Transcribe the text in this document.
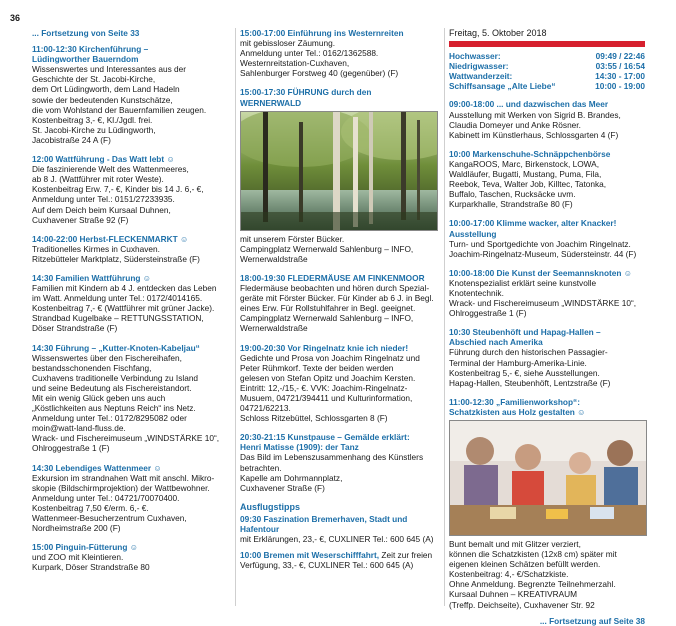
36
... Fortsetzung von Seite 33
11:00-12:30 Kirchenführung –
Lüdingworther Bauerndom
Wissenswertes und Interessantes aus der
Geschichte der St. Jacobi-Kirche,
dem Ort Lüdingworth, dem Land Hadeln
sowie der bedeutenden Kunstschätze,
die vom Wohlstand der Bauernfamilien zeugen.
Kostenbeitrag 3,- €, Kl./Jgdl. frei.
St. Jacobi-Kirche zu Lüdingworth,
Jacobistraße 24 A (F)
12:00 Wattführung - Das Watt lebt ☺
Die faszinierende Welt des Wattenmeeres,
ab 8 J. (Wattführer mit roter Weste).
Kostenbeitrag Erw. 7,- €, Kinder bis 14 J. 6,- €,
Anmeldung unter Tel.: 0151/27233935.
Auf dem Deich beim Kursaal Duhnen,
Cuxhavener Straße 92 (F)
14:00-22:00 Herbst-FLECKENMARKT ☺
Traditionelles Kirmes in Cuxhaven.
Ritzebütteler Marktplatz, Südersteinstraße (F)
14:30 Familien Wattführung ☺
Familien mit Kindern ab 4 J. entdecken das Leben
im Watt. Anmeldung unter Tel.: 0172/4014165.
Kostenbeitrag 7,- € (Wattführer mit grüner Jacke).
Strandbad Kugelbake – RETTUNGSSTATION,
Döser Strandstraße (F)
14:30 Führung – „Kutter-Knoten-Kabeljau“
Wissenswertes über den Fischereihafen,
bestandsschonenden Fischfang,
Cuxhavens traditionelle Verbindung zu Island
und seine Bedeutung als Fischereistandort.
Mit ein wenig Glück geben uns auch
„Köstlichkeiten aus Neptuns Reich“ ins Netz.
Anmeldung unter Tel.: 0172/8295082 oder
moin@watt-land-fluss.de.
Wrack- und Fischereimuseum „WINDSTÄRKE 10“,
Ohlroggestraße 1 (F)
14:30 Lebendiges Wattenmeer ☺
Exkursion im strandnahen Watt mit anschl. Mikro-
skopie (Bildschirmprojektion) der Wattbewohner.
Anmeldung unter Tel.: 04721/70070400.
Kostenbeitrag 7,50 €/erm. 6,- €.
Wattenmeer-Besucherzentrum Cuxhaven,
Nordheimstraße 200 (F)
15:00 Pinguin-Fütterung ☺
und ZOO mit Kleintieren.
Kurpark, Döser Strandstraße 80
15:00-17:00 Einführung ins Westernreiten
mit gebissloser Zäumung.
Anmeldung unter Tel.: 0162/1362588.
Westernreitstation-Cuxhaven,
Sahlenburger Forstweg 40 (gegenüber) (F)
15:00-17:30 FÜHRUNG durch den
WERNERWALD
mit unserem Förster Bücker.
Campingplatz Wernerwald Sahlenburg – INFO,
Wernerwaldstraße
18:00-19:30 FLEDERMÄUSE AM FINKENMOOR
Fledermäuse beobachten und hören durch Spezial-
geräte mit Förster Bücker. Für Kinder ab 6 J. in Begl.
eines Erw. Für Rollstuhlfahrer in Begl. geeignet.
Campingplatz Wernerwald Sahlenburg – INFO,
Wernerwaldstraße
19:00-20:30 Vor Ringelnatz knie ich nieder!
Gedichte und Prosa von Joachim Ringelnatz und
Peter Rühmkorf. Texte der beiden werden
gelesen von Stefan Opitz und Joachim Kersten.
Eintritt: 12,-/15,- €. VVK: Joachim-Ringelnatz-
Musuem, 04721/394411 und Kulturinformation,
04721/62213.
Schloss Ritzebüttel, Schlossgarten 8 (F)
20:30-21:15 Kunstpause – Gemälde erklärt:
Henri Matisse (1909): der Tanz
Das Bild im Lebenszusammenhang des Künstlers
betrachten.
Kapelle am Dohrmannplatz,
Cuxhavener Straße (F)
Ausflugstipps
09:30 Faszination Bremerhaven, Stadt und Hafentour
mit Erklärungen, 23,- €, CUXLINER Tel.: 600 645 (A)
10:00 Bremen mit Weserschifffahrt, Zeit zur freien
Verfügung, 33,- €, CUXLINER Tel.: 600 645 (A)
Freitag, 5. Oktober 2018
Hochwasser:	09:49 / 22:46
Niedrigwasser:	03:55 / 16:54
Wattwanderzeit:	14:30 - 17:00
Schiffsansage „Alte Liebe“	10:00 - 19:00
09:00-18:00 ... und dazwischen das Meer
Ausstellung mit Werken von Sigrid B. Brandes,
Claudia Domeyer und Anke Rösner.
Kabinett im Künstlerhaus, Schlossgarten 4 (F)
10:00 Markenschuhe-Schnäppchenbörse
KangaROOS, Marc, Birkenstock, LOWA,
Waldläufer, Bugatti, Mustang, Puma, Fila,
Reebok, Teva, Walter Job, Killtec, Tatonka,
Buffalo, Taschen, Rucksäcke uvm.
Kurparkhalle, Strandstraße 80 (F)
10:00-17:00 Klimme wacker, alter Knacker!
Ausstellung
Turn- und Sportgedichte von Joachim Ringelnatz.
Joachim-Ringelnatz-Museum, Südersteinstr. 44 (F)
10:00-18:00 Die Kunst der Seemannsknoten ☺
Knotenspezialist erklärt seine kunstvolle
Knotentechnik.
Wrack- und Fischereimuseum „WINDSTÄRKE 10“,
Ohlroggestraße 1 (F)
10:30 Steubenhöft und Hapag-Hallen –
Abschied nach Amerika
Führung durch den historischen Passagier-
Terminal der Hamburg-Amerika-Linie.
Kostenbeitrag 5,- €, siehe Ausstellungen.
Hapag-Hallen, Steubenhöft, Lentzstraße (F)
11:00-12:30 „Familienworkshop“:
Schatzkisten aus Holz gestalten ☺
Bunt bemalt und mit Glitzer verziert,
können die Schatzkisten (12x8 cm) später mit
eigenen kleinen Schätzen befüllt werden.
Kostenbeitrag: 4,- €/Schatzkiste.
Ohne Anmeldung. Begrenzte Teilnehmerzahl.
Kursaal Duhnen – KREATIVRAUM
(Treffp. Deichseite), Cuxhavener Str. 92
... Fortsetzung auf Seite 38
